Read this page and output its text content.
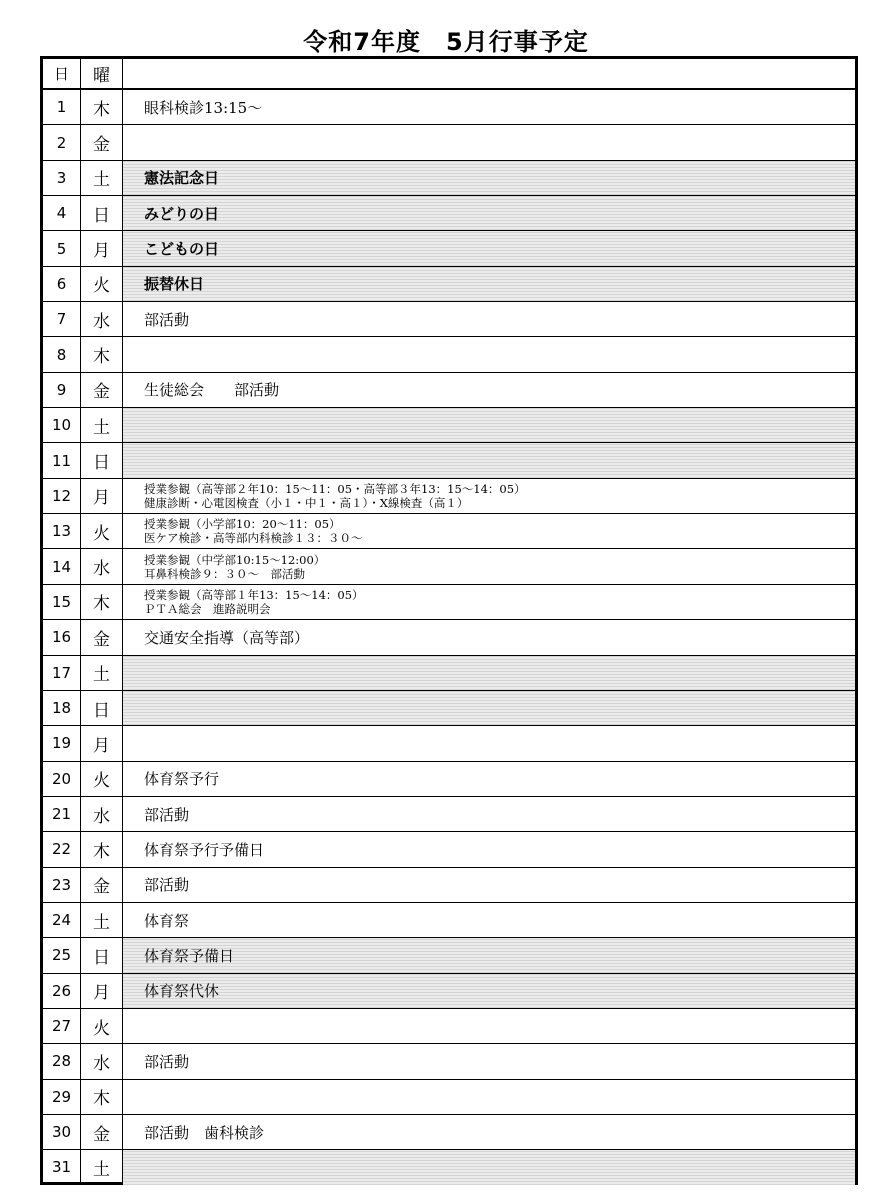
令和7年度　5月行事予定
日	曜
1	木	眼科検診13:15～
2	金
3	土	憲法記念日
4	日	みどりの日
5	月	こどもの日
6	火	振替休日
7	水	部活動
8	木
9	金	生徒総会　　部活動
10	土
11	日
12	月	授業参観（高等部２年10：15～11：05・高等部３年13：15～14：05）
健康診断・心電図検査（小１・中１・高１）・X線検査（高１）
13	火	授業参観（小学部10：20～11：05）
医ケア検診・高等部内科検診１３：３０～
14	水	授業参観（中学部10:15～12:00）
耳鼻科検診９：３０～　部活動
15	木	授業参観（高等部１年13：15～14：05）
ＰＴＡ総会　進路説明会
16	金	交通安全指導（高等部）
17	土
18	日
19	月
20	火	体育祭予行
21	水	部活動
22	木	体育祭予行予備日
23	金	部活動
24	土	体育祭
25	日	体育祭予備日
26	月	体育祭代休
27	火
28	水	部活動
29	木
30	金	部活動　歯科検診
31	土
